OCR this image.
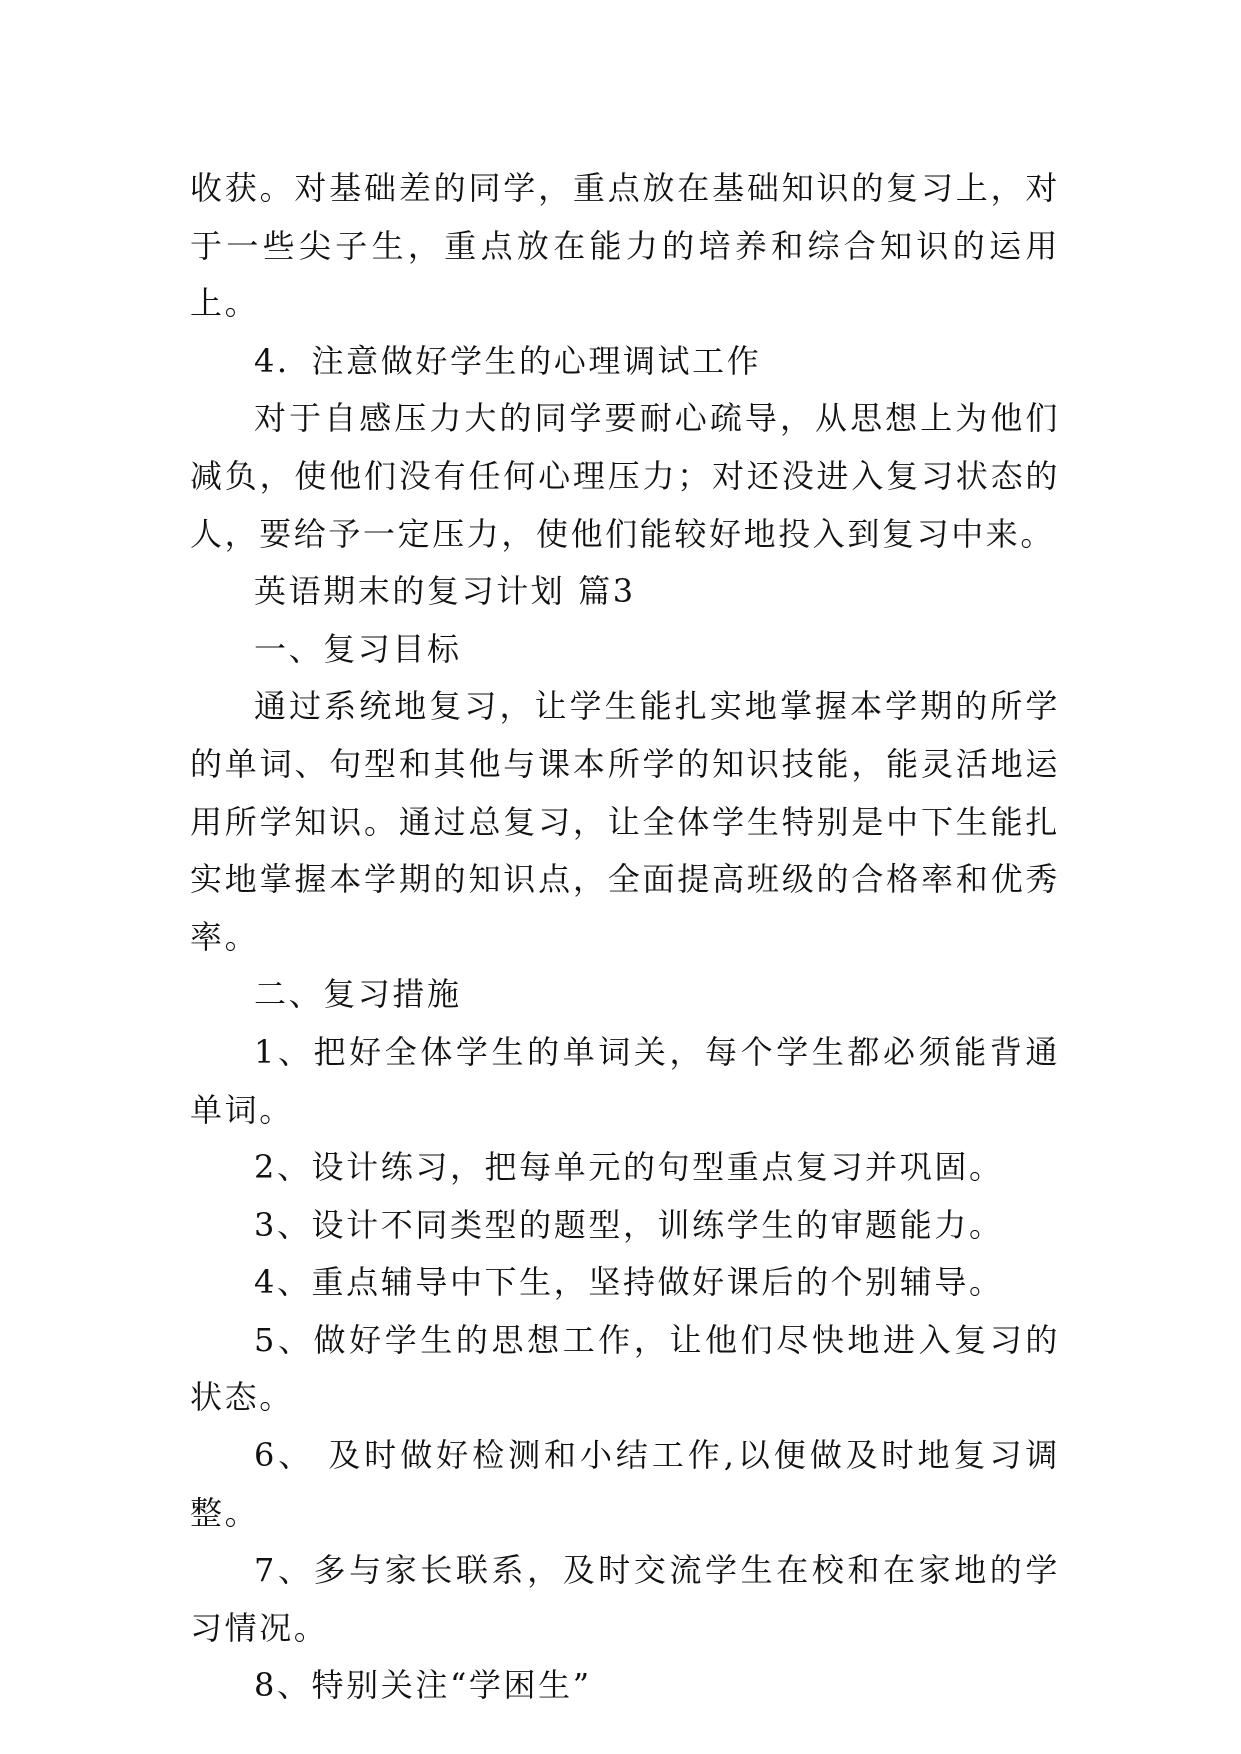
收获。对基础差的同学，重点放在基础知识的复习上，对于一些尖子生，重点放在能力的培养和综合知识的运用上。

4．注意做好学生的心理调试工作

对于自感压力大的同学要耐心疏导，从思想上为他们减负，使他们没有任何心理压力；对还没进入复习状态的人，要给予一定压力，使他们能较好地投入到复习中来。

英语期末的复习计划 篇3

一、复习目标

通过系统地复习，让学生能扎实地掌握本学期的所学的单词、句型和其他与课本所学的知识技能，能灵活地运用所学知识。通过总复习，让全体学生特别是中下生能扎实地掌握本学期的知识点，全面提高班级的合格率和优秀率。

二、复习措施

1、把好全体学生的单词关，每个学生都必须能背通单词。

2、设计练习，把每单元的句型重点复习并巩固。

3、设计不同类型的题型，训练学生的审题能力。

4、重点辅导中下生，坚持做好课后的个别辅导。

5、做好学生的思想工作，让他们尽快地进入复习的状态。

6、 及时做好检测和小结工作,以便做及时地复习调整。

7、多与家长联系，及时交流学生在校和在家地的学习情况。

8、特别关注“学困生”
